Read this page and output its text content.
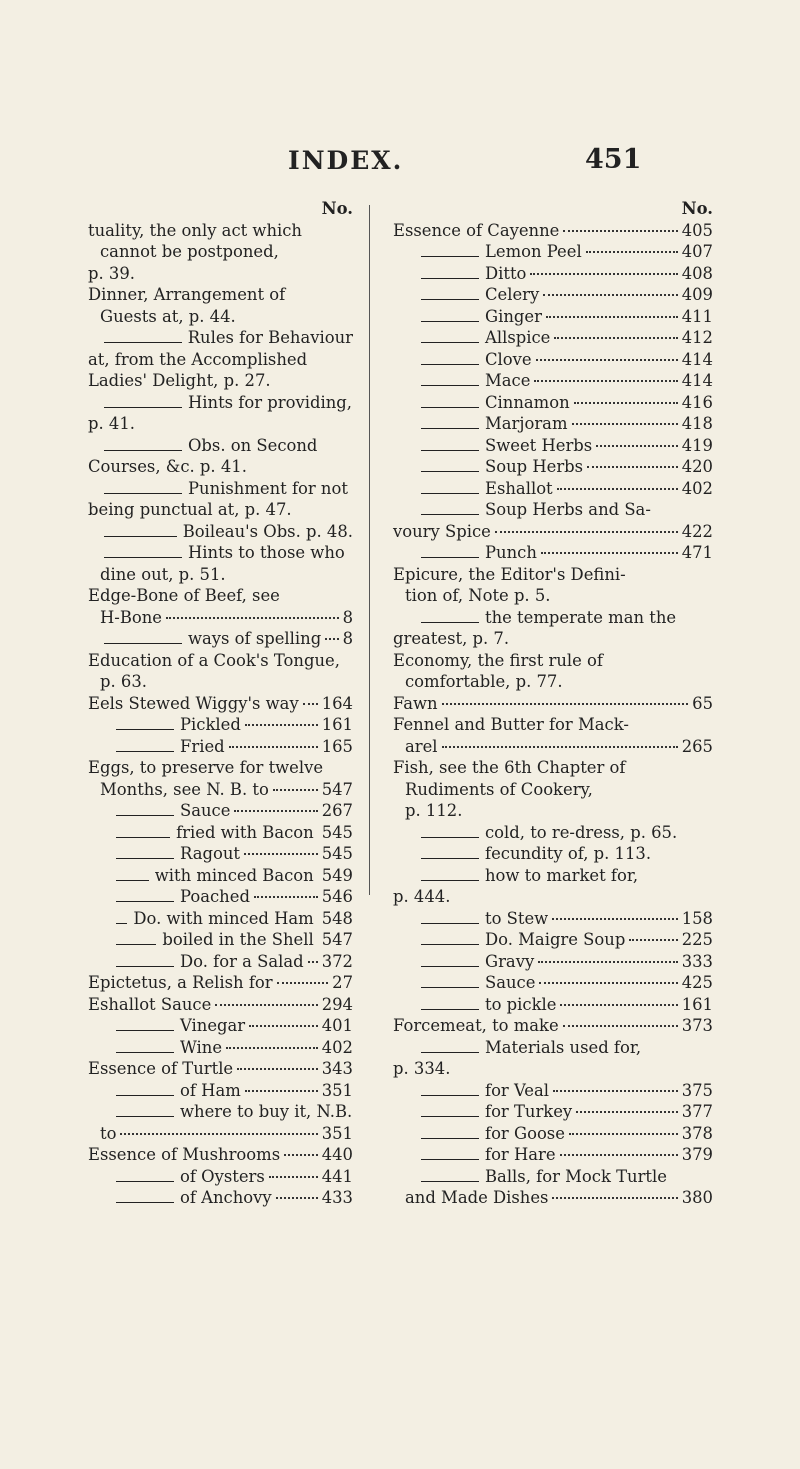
INDEX.	451
No.
tuality, the only act which
cannot be postponed,
p. 39.
Dinner, Arrangement of
Guests at, p. 44.
Rules for Behaviour
at, from the Accomplished
Ladies' Delight, p. 27.
Hints for providing,
p. 41.
Obs. on Second
Courses, &c. p. 41.
Punishment for not
being punctual at, p. 47.
Boileau's Obs. p. 48.
Hints to those who
dine out, p. 51.
Edge-Bone of Beef, see
H-Bone	8
ways of spelling 8
Education of a Cook's Tongue,
p. 63.
Eels Stewed Wiggy's way 164
Pickled	161
Fried	165
Eggs, to preserve for twelve
Months, see N. B. to	547
Sauce	267
fried with Bacon 545
Ragout	545
with minced Bacon 549
Poached	546
Do. with minced Ham 548
boiled in the Shell 547
Do. for a Salad 372
Epictetus, a Relish for	27
Eshallot Sauce	294
Vinegar	401
Wine	402
Essence of Turtle	343
of Ham	351
where to buy it, N.B.
to	351
Essence of Mushrooms	440
of Oysters	441
of Anchovy	433
No.
Essence of Cayenne	405
Lemon Peel	407
Ditto	408
Celery	409
Ginger	411
Allspice	412
Clove	414
Mace	414
Cinnamon	416
Marjoram	418
Sweet Herbs	419
Soup Herbs	420
Eshallot	402
Soup Herbs and Sa-
voury Spice	422
Punch	471
Epicure, the Editor's Defini-
tion of, Note p. 5.
the temperate man the
greatest, p. 7.
Economy, the first rule of
comfortable, p. 77.
Fawn	65
Fennel and Butter for Mack-
arel	265
Fish, see the 6th Chapter of
Rudiments of Cookery,
p. 112.
cold, to re-dress, p. 65.
fecundity of, p. 113.
how to market for,
p. 444.
to Stew	158
Do. Maigre Soup	225
Gravy	333
Sauce	425
to pickle	161
Forcemeat, to make	373
Materials used for,
p. 334.
for Veal	375
for Turkey	377
for Goose	378
for Hare	379
Balls, for Mock Turtle
and Made Dishes	380
